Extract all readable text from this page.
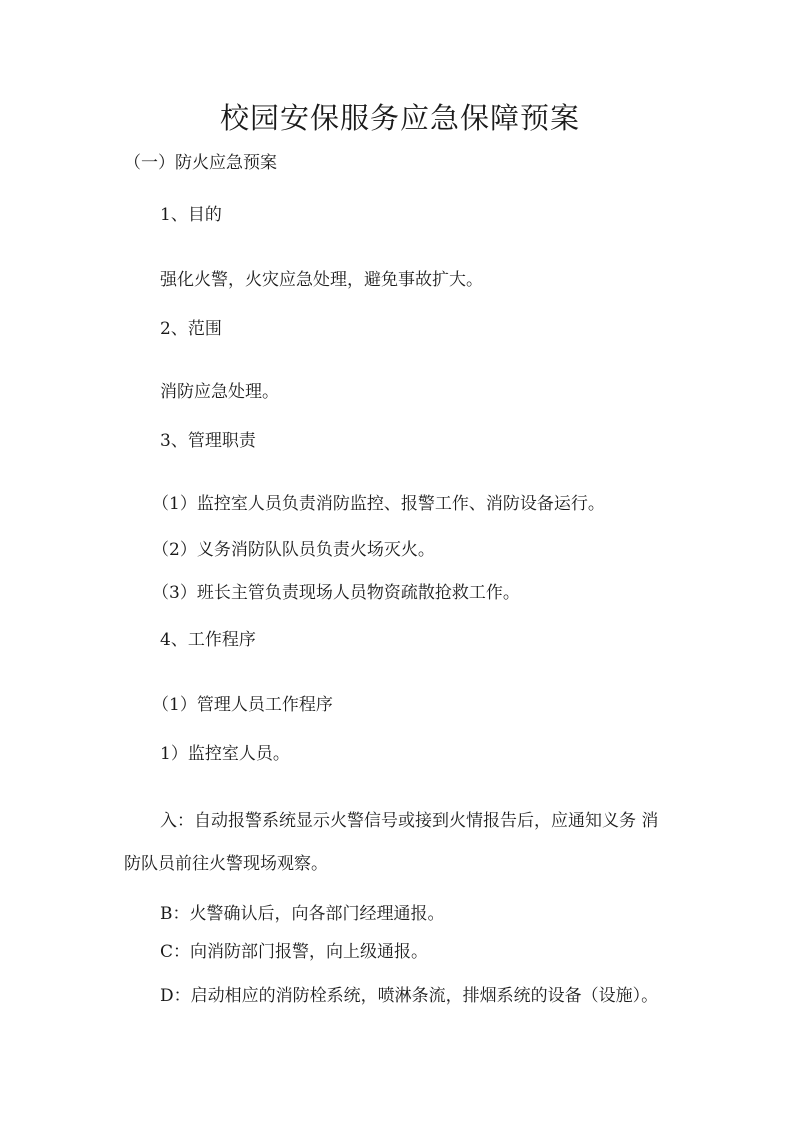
校园安保服务应急保障预案
（一）防火应急预案
1、目的
强化火警，火灾应急处理，避免事故扩大。
2、范围
消防应急处理。
3、管理职责
（1）监控室人员负责消防监控、报警工作、消防设备运行。
（2）义务消防队队员负责火场灭火。
（3）班长主管负责现场人员物资疏散抢救工作。
4、工作程序
（1）管理人员工作程序
1）监控室人员。
入：自动报警系统显示火警信号或接到火情报告后，应通知义务 消
防队员前往火警现场观察。
B：火警确认后，向各部门经理通报。
C：向消防部门报警，向上级通报。
D：启动相应的消防栓系统，喷淋条流，排烟系统的设备（设施）。
